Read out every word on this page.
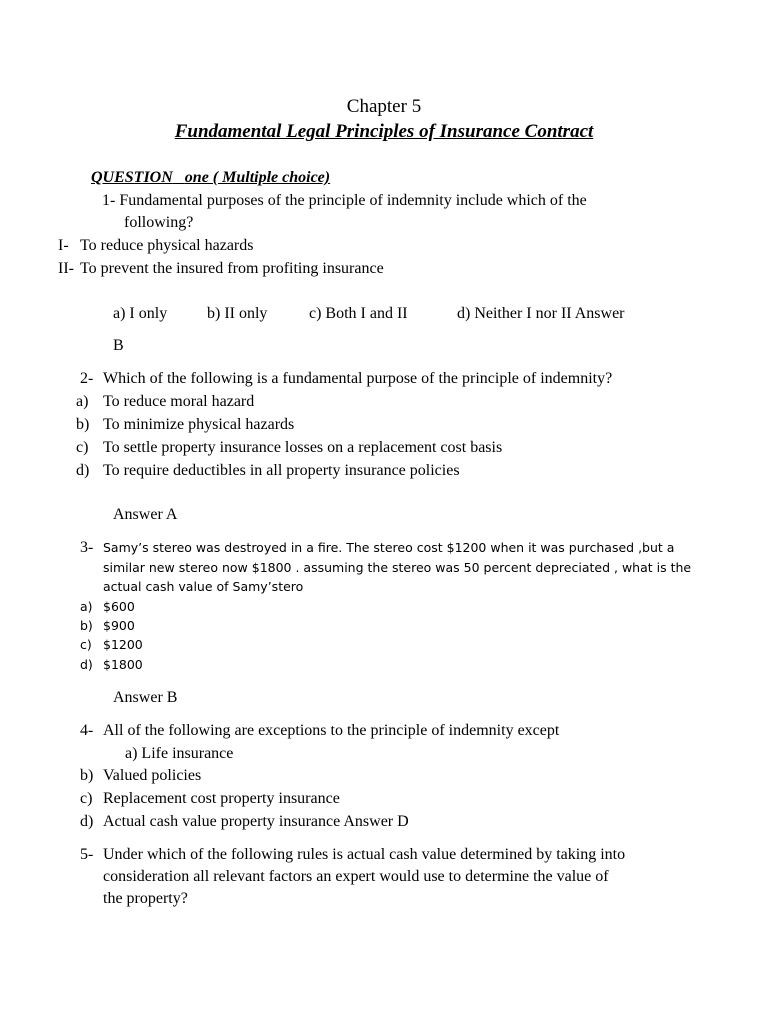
Chapter 5
Fundamental Legal Principles of Insurance Contract
QUESTION one ( Multiple choice)
1- Fundamental purposes of the principle of indemnity include which of the
following?
I- To reduce physical hazards
II- To prevent the insured from profiting insurance
a) I only b) II only	c) Both I and II	d) Neither I nor II Answer
B
2- Which of the following is a fundamental purpose of the principle of indemnity?
a) To reduce moral hazard
b) To minimize physical hazards
c) To settle property insurance losses on a replacement cost basis
d) To require deductibles in all property insurance policies
Answer A
3- Samy’s stereo was destroyed in a fire. The stereo cost $1200 when it was purchased ,but a
similar new stereo now $1800 . assuming the stereo was 50 percent depreciated , what is the
actual cash value of Samy’stero
a) $600
b) $900
c) $1200
d) $1800
Answer B
4- All of the following are exceptions to the principle of indemnity except
a) Life insurance
b) Valued policies
c) Replacement cost property insurance
d) Actual cash value property insurance Answer D
5- Under which of the following rules is actual cash value determined by taking into
consideration all relevant factors an expert would use to determine the value of
the property?
